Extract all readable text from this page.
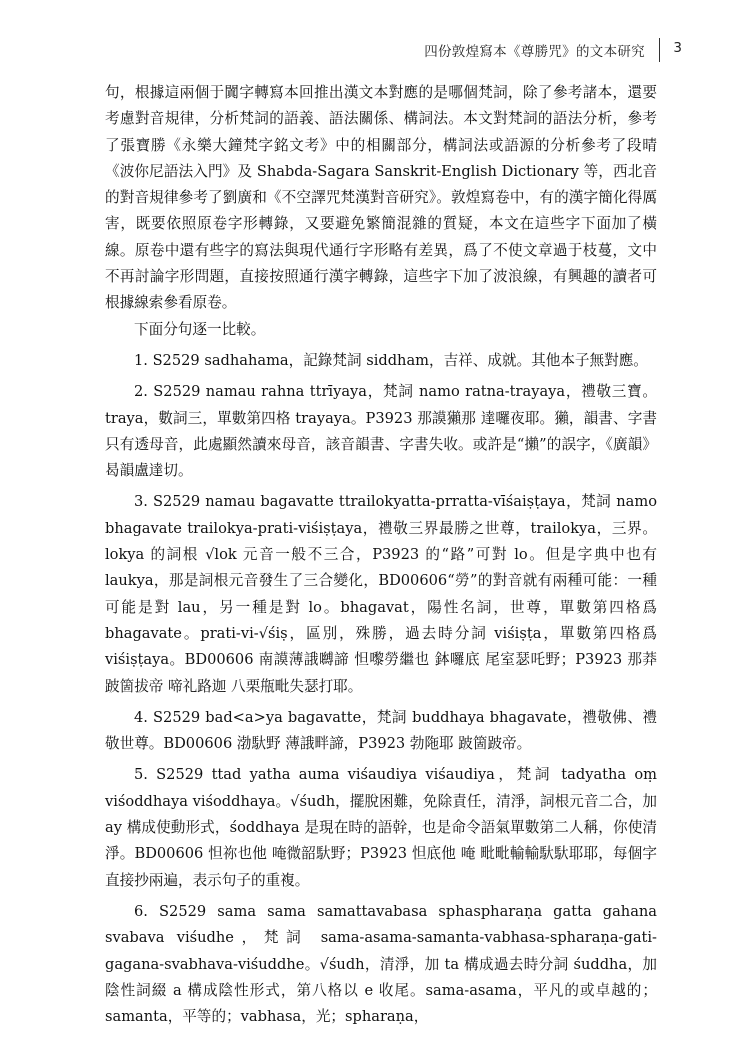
四份敦煌寫本《尊勝咒》的文本研究 3

句，根據這兩個于闐字轉寫本回推出漢文本對應的是哪個梵詞，除了參考諸本，還要考慮對音規律，分析梵詞的語義、語法關係、構詞法。本文對梵詞的語法分析，參考了張寶勝《永樂大鐘梵字銘文考》中的相關部分，構詞法或語源的分析參考了段晴《波你尼語法入門》及 Shabda-Sagara Sanskrit-English Dictionary 等，西北音的對音規律參考了劉廣和《不空譯咒梵漢對音研究》。敦煌寫卷中，有的漢字簡化得厲害，既要依照原卷字形轉錄，又要避免繁簡混雜的質疑，本文在這些字下面加了橫線。原卷中還有些字的寫法與現代通行字形略有差異，爲了不使文章過于枝蔓，文中不再討論字形問題，直接按照通行漢字轉錄，這些字下加了波浪線，有興趣的讀者可根據線索參看原卷。

下面分句逐一比較。

1. S2529 sadhahama，記錄梵詞 siddham，吉祥、成就。其他本子無對應。

2. S2529 namau rahna ttrīyaya，梵詞 namo ratna-trayaya，禮敬三寶。traya，數詞三，單數第四格 trayaya。P3923 那謨獺那 達囉夜耶。獺，韻書、字書只有透母音，此處顯然讀來母音，該音韻書、字書失收。或許是“攋”的誤字，《廣韻》曷韻盧達切。

3. S2529 namau bagavatte ttrailokyatta-prratta-vīśaiṣṭaya，梵詞 namo bhagavate trailokya-prati-viśiṣṭaya，禮敬三界最勝之世尊，trailokya，三界。lokya 的詞根 √lok 元音一般不三合，P3923 的“路”可對 lo。但是字典中也有 laukya，那是詞根元音發生了三合變化，BD00606“勞”的對音就有兩種可能：一種可能是對 lau，另一種是對 lo。bhagavat，陽性名詞，世尊，單數第四格爲 bhagavate。prati-vi-√śiṣ，區別，殊勝，過去時分詞 viśiṣṭa，單數第四格爲 viśiṣṭaya。BD00606 南謨薄誐嚩諦 怛嚟勞繼也 鉢囉底 尾室瑟吒野；P3923 那莽 跛箇拔帝 啼礼路迦 八栗甁毗失瑟打耶。

4. S2529 bad<a>ya bagavatte，梵詞 buddhaya bhagavate，禮敬佛、禮敬世尊。BD00606 渤馱野 薄誐畔諦，P3923 勃陁耶 跛箇跛帝。

5. S2529 ttad yatha auma viśaudiya viśaudiya，梵詞 tadyatha oṃ viśoddhaya viśoddhaya。√śudh，擺脫困難，免除責任，清淨，詞根元音二合，加 ay 構成使動形式，śoddhaya 是現在時的語幹，也是命令語氣單數第二人稱，你使清淨。BD00606 怛祢也他 唵微韶馱野；P3923 怛底他 唵 毗毗輸輸馱馱耶耶，每個字直接抄兩遍，表示句子的重複。

6. S2529 sama sama samattavabasa sphaspharaṇa gatta gahana svabava viśudhe，梵詞 sama-asama-samanta-vabhasa-spharaṇa-gati-gagana-svabhava-viśuddhe。√śudh，清淨，加 ta 構成過去時分詞 śuddha，加陰性詞綴 a 構成陰性形式，第八格以 e 收尾。sama-asama，平凡的或卓越的；samanta，平等的；vabhasa，光；spharaṇa，
